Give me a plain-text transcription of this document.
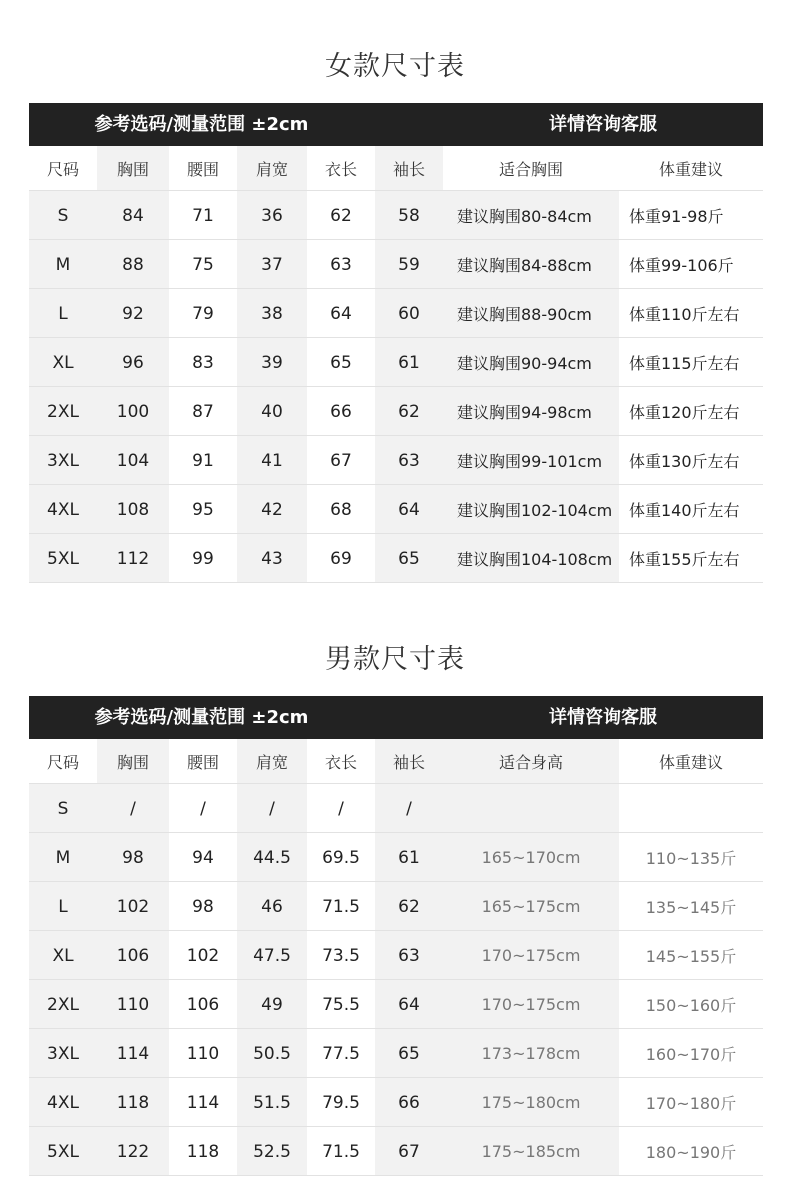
女款尺寸表
参考选码/测量范围 ±2cm	详情咨询客服
尺码	胸围	腰围	肩宽	衣长	袖长	适合胸围	体重建议
S	84	71	36	62	58	建议胸围80-84cm	体重91-98斤
M	88	75	37	63	59	建议胸围84-88cm	体重99-106斤
L	92	79	38	64	60	建议胸围88-90cm	体重110斤左右
XL	96	83	39	65	61	建议胸围90-94cm	体重115斤左右
2XL	100	87	40	66	62	建议胸围94-98cm	体重120斤左右
3XL	104	91	41	67	63	建议胸围99-101cm	体重130斤左右
4XL	108	95	42	68	64	建议胸围102-104cm	体重140斤左右
5XL	112	99	43	69	65	建议胸围104-108cm	体重155斤左右
男款尺寸表
参考选码/测量范围 ±2cm	详情咨询客服
尺码	胸围	腰围	肩宽	衣长	袖长	适合身高	体重建议
S	/	/	/	/	/
M	98	94	44.5	69.5	61	165~170cm	110~135斤
L	102	98	46	71.5	62	165~175cm	135~145斤
XL	106	102	47.5	73.5	63	170~175cm	145~155斤
2XL	110	106	49	75.5	64	170~175cm	150~160斤
3XL	114	110	50.5	77.5	65	173~178cm	160~170斤
4XL	118	114	51.5	79.5	66	175~180cm	170~180斤
5XL	122	118	52.5	71.5	67	175~185cm	180~190斤
